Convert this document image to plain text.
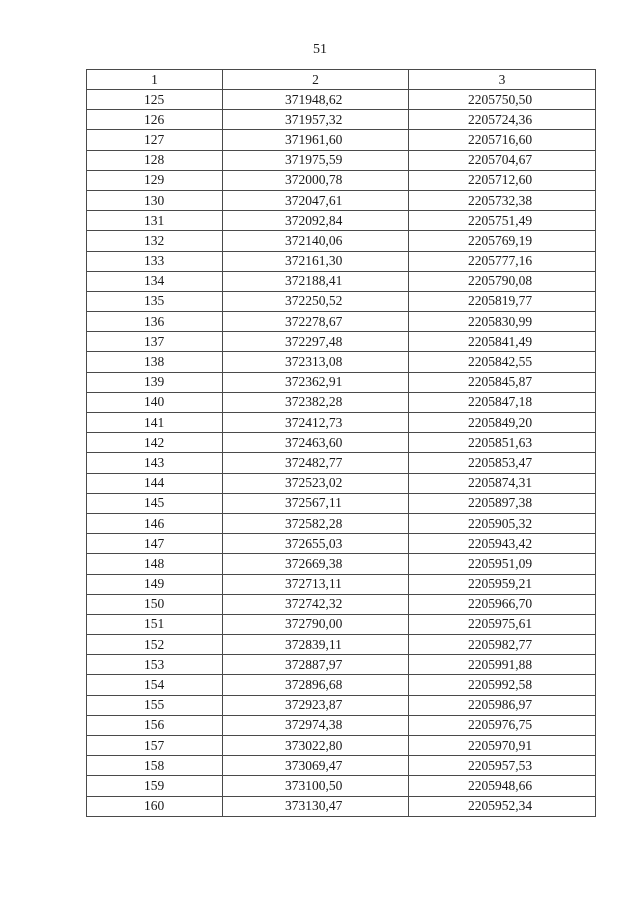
51
1	2	3
125	371948,62	2205750,50
126	371957,32	2205724,36
127	371961,60	2205716,60
128	371975,59	2205704,67
129	372000,78	2205712,60
130	372047,61	2205732,38
131	372092,84	2205751,49
132	372140,06	2205769,19
133	372161,30	2205777,16
134	372188,41	2205790,08
135	372250,52	2205819,77
136	372278,67	2205830,99
137	372297,48	2205841,49
138	372313,08	2205842,55
139	372362,91	2205845,87
140	372382,28	2205847,18
141	372412,73	2205849,20
142	372463,60	2205851,63
143	372482,77	2205853,47
144	372523,02	2205874,31
145	372567,11	2205897,38
146	372582,28	2205905,32
147	372655,03	2205943,42
148	372669,38	2205951,09
149	372713,11	2205959,21
150	372742,32	2205966,70
151	372790,00	2205975,61
152	372839,11	2205982,77
153	372887,97	2205991,88
154	372896,68	2205992,58
155	372923,87	2205986,97
156	372974,38	2205976,75
157	373022,80	2205970,91
158	373069,47	2205957,53
159	373100,50	2205948,66
160	373130,47	2205952,34
